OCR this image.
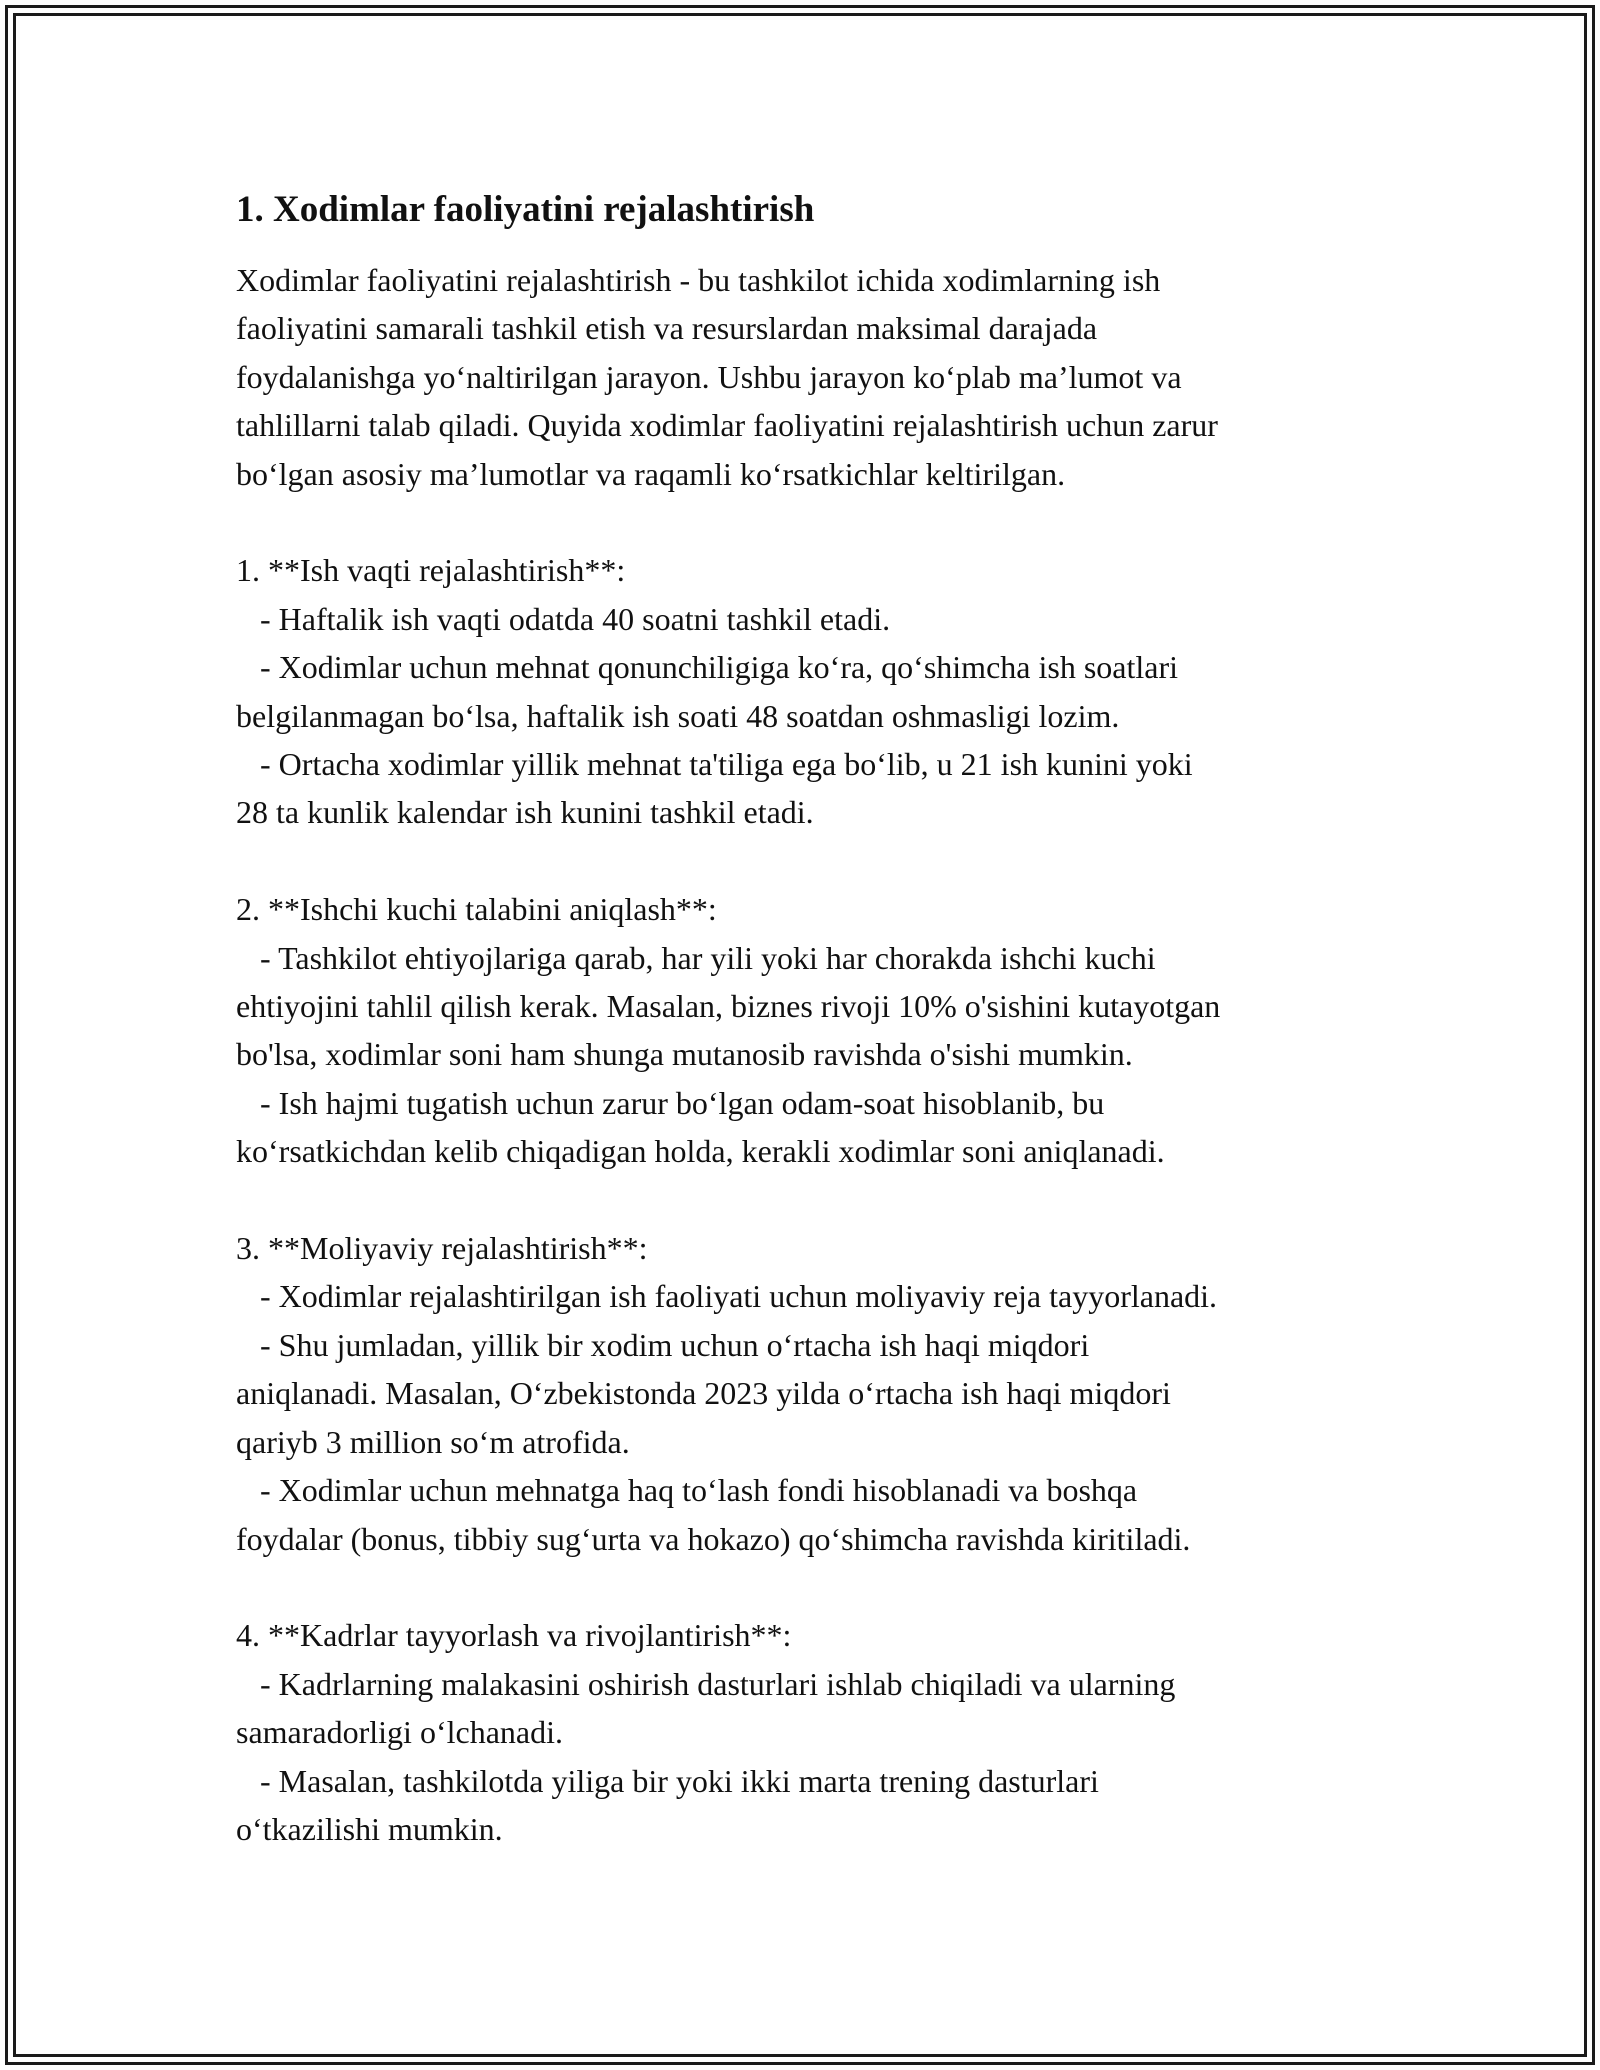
1. Xodimlar faoliyatini rejalashtirish

Xodimlar faoliyatini rejalashtirish - bu tashkilot ichida xodimlarning ish
faoliyatini samarali tashkil etish va resurslardan maksimal darajada
foydalanishga yo‘naltirilgan jarayon. Ushbu jarayon ko‘plab ma’lumot va
tahlillarni talab qiladi. Quyida xodimlar faoliyatini rejalashtirish uchun zarur
bo‘lgan asosiy ma’lumotlar va raqamli ko‘rsatkichlar keltirilgan.

1. **Ish vaqti rejalashtirish**:
- Haftalik ish vaqti odatda 40 soatni tashkil etadi.
- Xodimlar uchun mehnat qonunchiligiga ko‘ra, qo‘shimcha ish soatlari
belgilanmagan bo‘lsa, haftalik ish soati 48 soatdan oshmasligi lozim.
- Ortacha xodimlar yillik mehnat ta'tiliga ega bo‘lib, u 21 ish kunini yoki
28 ta kunlik kalendar ish kunini tashkil etadi.

2. **Ishchi kuchi talabini aniqlash**:
- Tashkilot ehtiyojlariga qarab, har yili yoki har chorakda ishchi kuchi
ehtiyojini tahlil qilish kerak. Masalan, biznes rivoji 10% o'sishini kutayotgan
bo'lsa, xodimlar soni ham shunga mutanosib ravishda o'sishi mumkin.
- Ish hajmi tugatish uchun zarur bo‘lgan odam-soat hisoblanib, bu
ko‘rsatkichdan kelib chiqadigan holda, kerakli xodimlar soni aniqlanadi.

3. **Moliyaviy rejalashtirish**:
- Xodimlar rejalashtirilgan ish faoliyati uchun moliyaviy reja tayyorlanadi.
- Shu jumladan, yillik bir xodim uchun o‘rtacha ish haqi miqdori
aniqlanadi. Masalan, O‘zbekistonda 2023 yilda o‘rtacha ish haqi miqdori
qariyb 3 million so‘m atrofida.
- Xodimlar uchun mehnatga haq to‘lash fondi hisoblanadi va boshqa
foydalar (bonus, tibbiy sug‘urta va hokazo) qo‘shimcha ravishda kiritiladi.

4. **Kadrlar tayyorlash va rivojlantirish**:
- Kadrlarning malakasini oshirish dasturlari ishlab chiqiladi va ularning
samaradorligi o‘lchanadi.
- Masalan, tashkilotda yiliga bir yoki ikki marta trening dasturlari
o‘tkazilishi mumkin.
